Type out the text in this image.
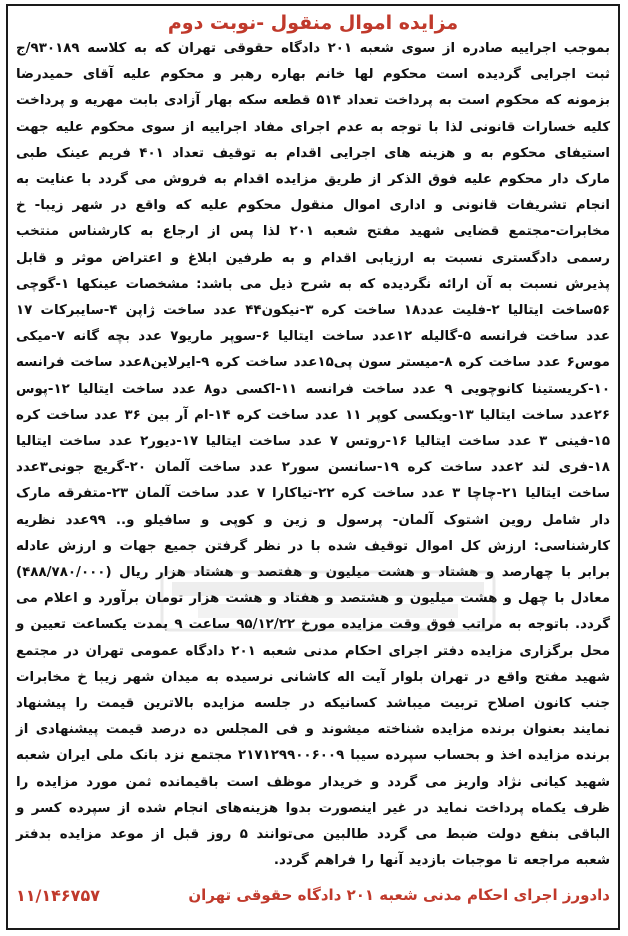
مزایده اموال منقول -نوبت دوم
بموجب اجراییه صادره از سوی شعبه ۲۰۱ دادگاه حقوقی تهران که به کلاسه ۹۳۰۱۸۹/ج ثبت اجرایی گردیده است محکوم لها خانم بهاره رهبر و محکوم علیه آقای حمیدرضا بزمونه که محکوم است به پرداخت تعداد ۵۱۴ قطعه سکه بهار آزادی بابت مهریه و پرداخت کلیه خسارات قانونی لذا با توجه به عدم اجرای مفاد اجراییه از سوی محکوم علیه جهت استیفای محکوم به و هزینه های اجرایی اقدام به توقیف تعداد ۴۰۱ فریم عینک طبی مارک دار محکوم علیه فوق الذکر از طریق مزایده اقدام به فروش می گردد با عنایت به انجام تشریفات قانونی و اداری اموال منقول محکوم علیه که واقع در شهر زیبا- خ مخابرات-مجتمع قضایی شهید مفتح شعبه ۲۰۱ لذا پس از ارجاع به کارشناس منتخب رسمی دادگستری نسبت به ارزیابی اقدام و به طرفین ابلاغ و اعتراض موثر و قابل پذیرش نسبت به آن ارائه نگردیده که به شرح ذیل می باشد: مشخصات عینکها ۱-گوچی ۵۶ساخت ایتالیا ۲-فلیت عدد۱۸ ساخت کره ۳-نیکون۴۴ عدد ساخت ژاپن ۴-سایبرکات ۱۷ عدد ساخت فرانسه ۵-گالیله ۱۲عدد ساخت ایتالیا ۶-سوپر ماریو۷ عدد بچه گانه ۷-میکی موس۶ عدد ساخت کره ۸-میستر سون پی۱۵عدد ساخت کره ۹-ایرلاین۸عدد ساخت فرانسه ۱۰-کریستینا کانوچویی ۹ عدد ساخت فرانسه ۱۱-اکسی دو۸ عدد ساخت ایتالیا ۱۲-پوس ۲۶عدد ساخت ایتالیا ۱۳-ویکسی کوپر ۱۱ عدد ساخت کره ۱۴-ام آر بین ۳۶ عدد ساخت کره ۱۵-فینی ۳ عدد ساخت ایتالیا ۱۶-روتس ۷ عدد ساخت ایتالیا ۱۷-دیور۲ عدد ساخت ایتالیا ۱۸-فری لند ۲عدد ساخت کره ۱۹-سانسن سور۲ عدد ساخت آلمان ۲۰-گریچ جونی۳عدد ساخت ایتالیا ۲۱-چاچا ۳ عدد ساخت کره ۲۲-تیاکارا ۷ عدد ساخت آلمان ۲۳-متفرقه مارک دار شامل روین اشتوک آلمان- پرسول و زین و کوپی و سافیلو و.. ۹۹عدد نظریه کارشناسی: ارزش کل اموال توقیف شده با در نظر گرفتن جمیع جهات و ارزش عادله برابر با چهارصد و هشتاد و هشت میلیون و هفتصد و هشتاد هزار ریال (۴۸۸/۷۸۰/۰۰۰) معادل با چهل و هشت میلیون و هشتصد و هفتاد و هشت هزار تومان برآورد و اعلام می گردد. باتوجه به مراتب فوق وقت مزایده مورخ ۹۵/۱۲/۲۲ ساعت ۹ بمدت یکساعت تعیین و محل برگزاری مزایده دفتر اجرای احکام مدنی شعبه ۲۰۱ دادگاه عمومی تهران در مجتمع شهید مفتح واقع در تهران بلوار آیت اله کاشانی نرسیده به میدان شهر زیبا خ مخابرات جنب کانون اصلاح تربیت میباشد کسانیکه در جلسه مزایده بالاترین قیمت را پیشنهاد نمایند بعنوان برنده مزایده شناخته میشوند و فی المجلس ده درصد قیمت پیشنهادی از برنده مزایده اخذ و بحساب سپرده سیبا ۲۱۷۱۲۹۹۰۰۶۰۰۹ مجتمع نزد بانک ملی ایران شعبه شهید کیانی نژاد واریز می گردد و خریدار موظف است باقیمانده ثمن مورد مزایده را ظرف یکماه پرداخت نماید در غیر اینصورت بدوا هزینه‌های انجام شده از سپرده کسر و الباقی بنفع دولت ضبط می گردد طالبین می‌توانند ۵ روز قبل از موعد مزایده بدفتر شعبه مراجعه تا موجبات بازدید آنها را فراهم گردد.
دادورز اجرای احکام مدنی شعبه ۲۰۱ دادگاه حقوقی تهران
۱۱/۱۴۶۷۵۷
